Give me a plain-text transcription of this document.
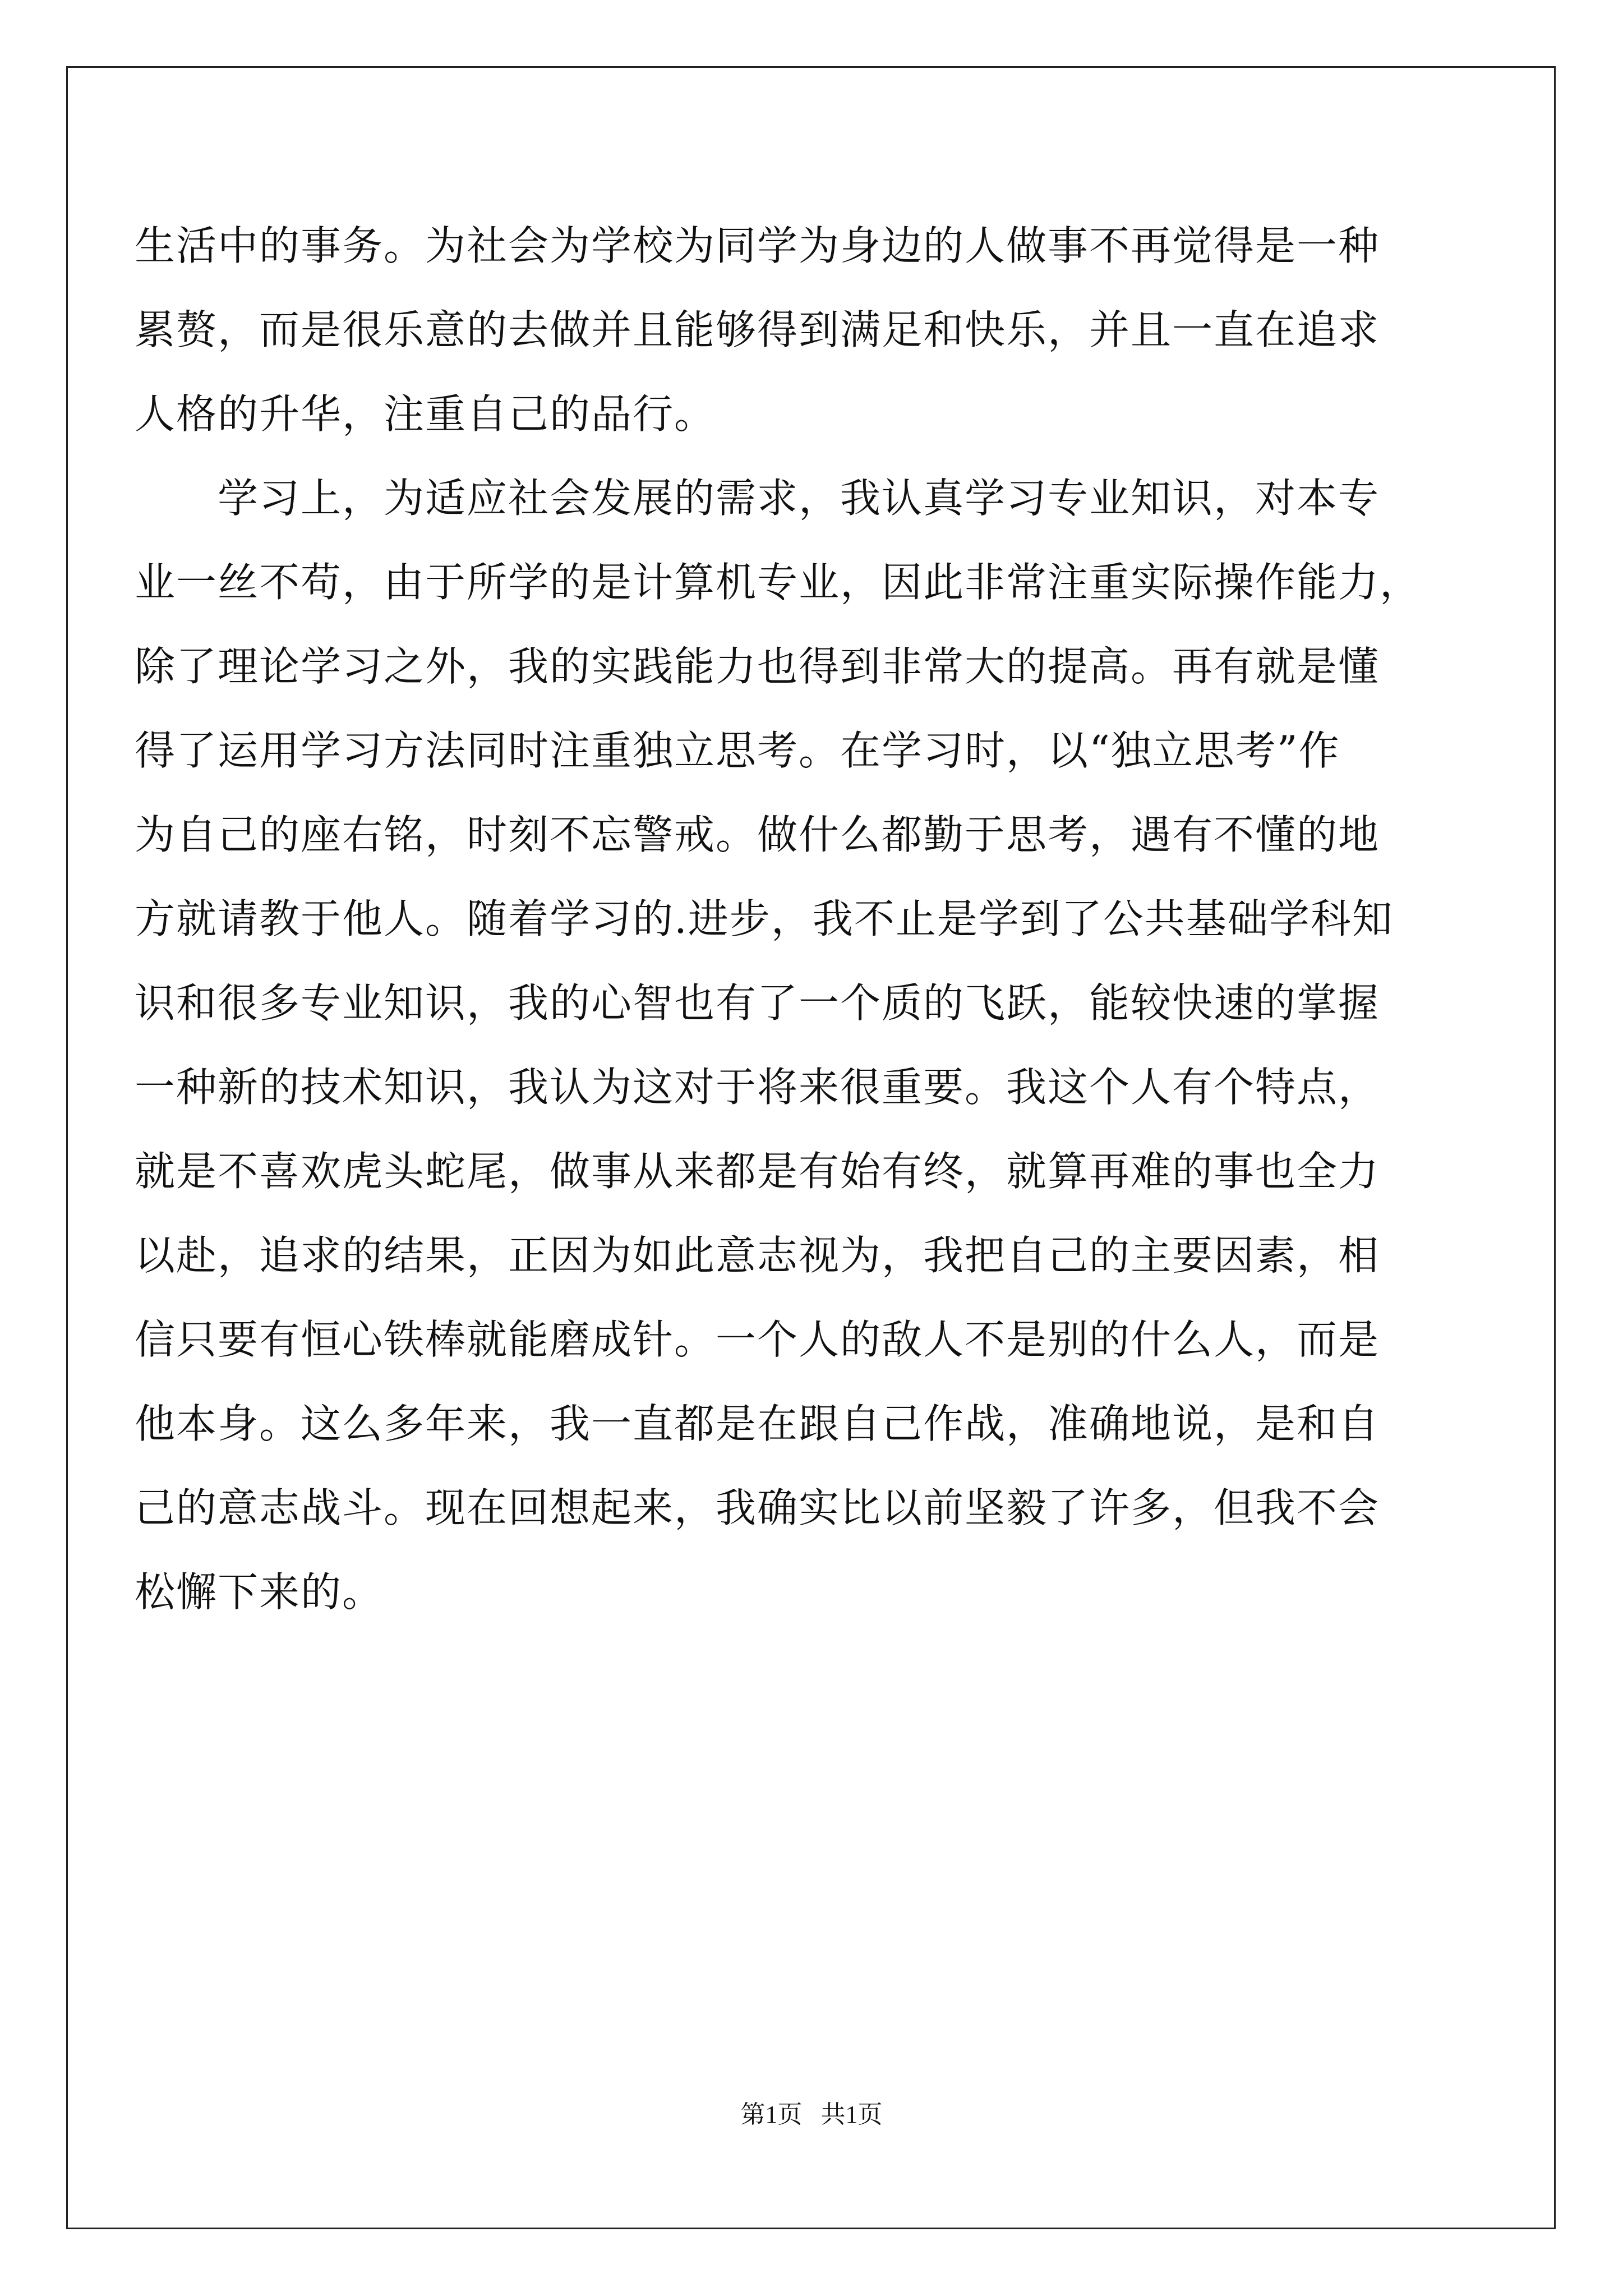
生活中的事务。为社会为学校为同学为身边的人做事不再觉得是一种
累赘，而是很乐意的去做并且能够得到满足和快乐，并且一直在追求
人格的升华，注重自己的品行。
　　学习上，为适应社会发展的需求，我认真学习专业知识，对本专
业一丝不苟，由于所学的是计算机专业，因此非常注重实际操作能力，
除了理论学习之外，我的实践能力也得到非常大的提高。再有就是懂
得了运用学习方法同时注重独立思考。在学习时，以“独立思考”作
为自己的座右铭，时刻不忘警戒。做什么都勤于思考，遇有不懂的地
方就请教于他人。随着学习的.进步，我不止是学到了公共基础学科知
识和很多专业知识，我的心智也有了一个质的飞跃，能较快速的掌握
一种新的技术知识，我认为这对于将来很重要。我这个人有个特点，
就是不喜欢虎头蛇尾，做事从来都是有始有终，就算再难的事也全力
以赴，追求的结果，正因为如此意志视为，我把自己的主要因素，相
信只要有恒心铁棒就能磨成针。一个人的敌人不是别的什么人，而是
他本身。这么多年来，我一直都是在跟自己作战，准确地说，是和自
己的意志战斗。现在回想起来，我确实比以前坚毅了许多，但我不会
松懈下来的。
第1页   共1页
